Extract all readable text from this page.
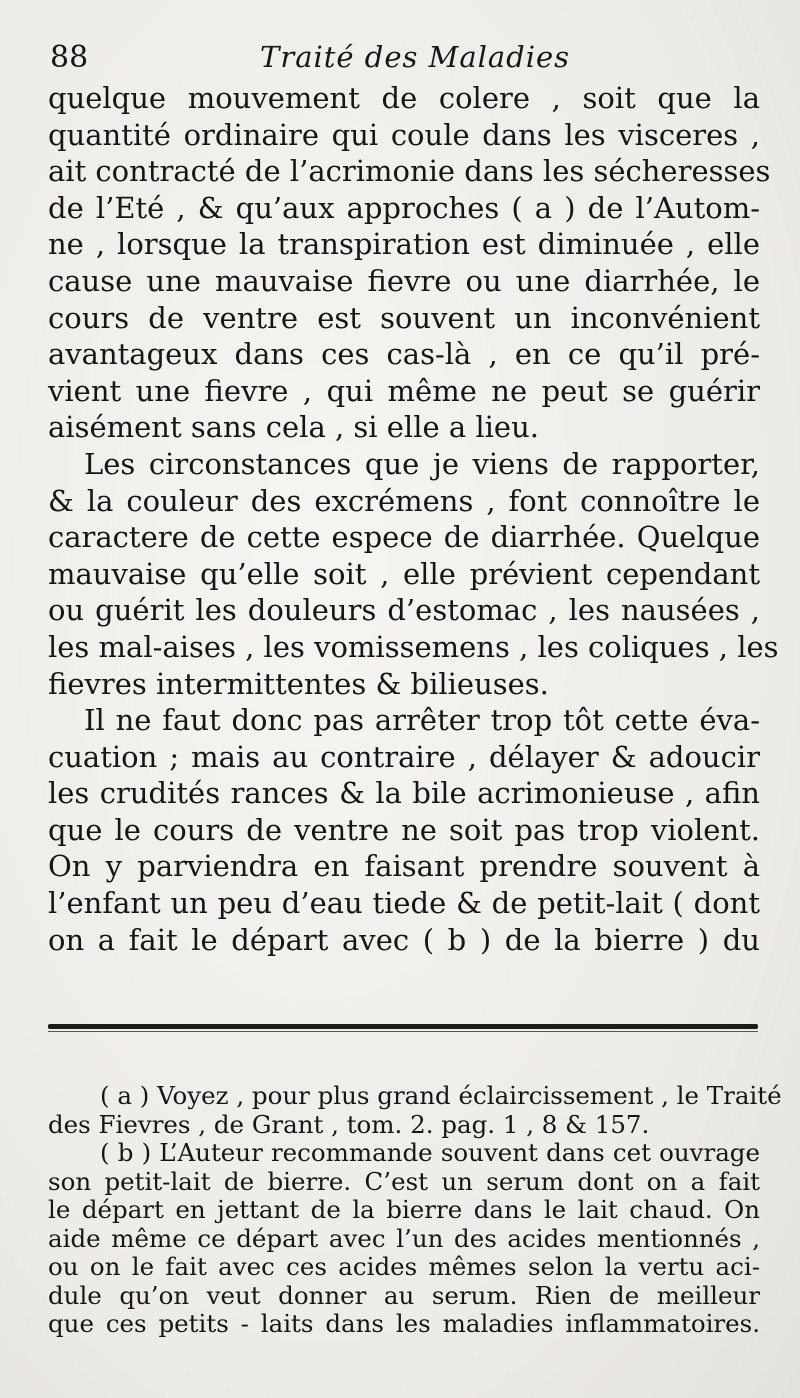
88	Traité des Maladies
quelque mouvement de colere , soit que la
quantité ordinaire qui coule dans les visceres ,
ait contracté de l’acrimonie dans les sécheresses
de l’Eté , & qu’aux approches ( a ) de l’Autom-
ne , lorsque la transpiration est diminuée , elle
cause une mauvaise fievre ou une diarrhée, le
cours de ventre est souvent un inconvénient
avantageux dans ces cas-là , en ce qu’il pré-
vient une fievre , qui même ne peut se guérir
aisément sans cela , si elle a lieu.
Les circonstances que je viens de rapporter,
& la couleur des excrémens , font connoître le
caractere de cette espece de diarrhée. Quelque
mauvaise qu’elle soit , elle prévient cependant
ou guérit les douleurs d’estomac , les nausées ,
les mal-aises , les vomissemens , les coliques , les
fievres intermittentes & bilieuses.
Il ne faut donc pas arrêter trop tôt cette éva-
cuation ; mais au contraire , délayer & adoucir
les crudités rances & la bile acrimonieuse , afin
que le cours de ventre ne soit pas trop violent.
On y parviendra en faisant prendre souvent à
l’enfant un peu d’eau tiede & de petit-lait ( dont
on a fait le départ avec ( b ) de la bierre ) du
( a ) Voyez , pour plus grand éclaircissement , le Traité
des Fievres , de Grant , tom. 2. pag. 1 , 8 & 157.
( b ) L’Auteur recommande souvent dans cet ouvrage
son petit-lait de bierre. C’est un serum dont on a fait
le départ en jettant de la bierre dans le lait chaud. On
aide même ce départ avec l’un des acides mentionnés ,
ou on le fait avec ces acides mêmes selon la vertu aci-
dule qu’on veut donner au serum. Rien de meilleur
que ces petits - laits dans les maladies inflammatoires.
